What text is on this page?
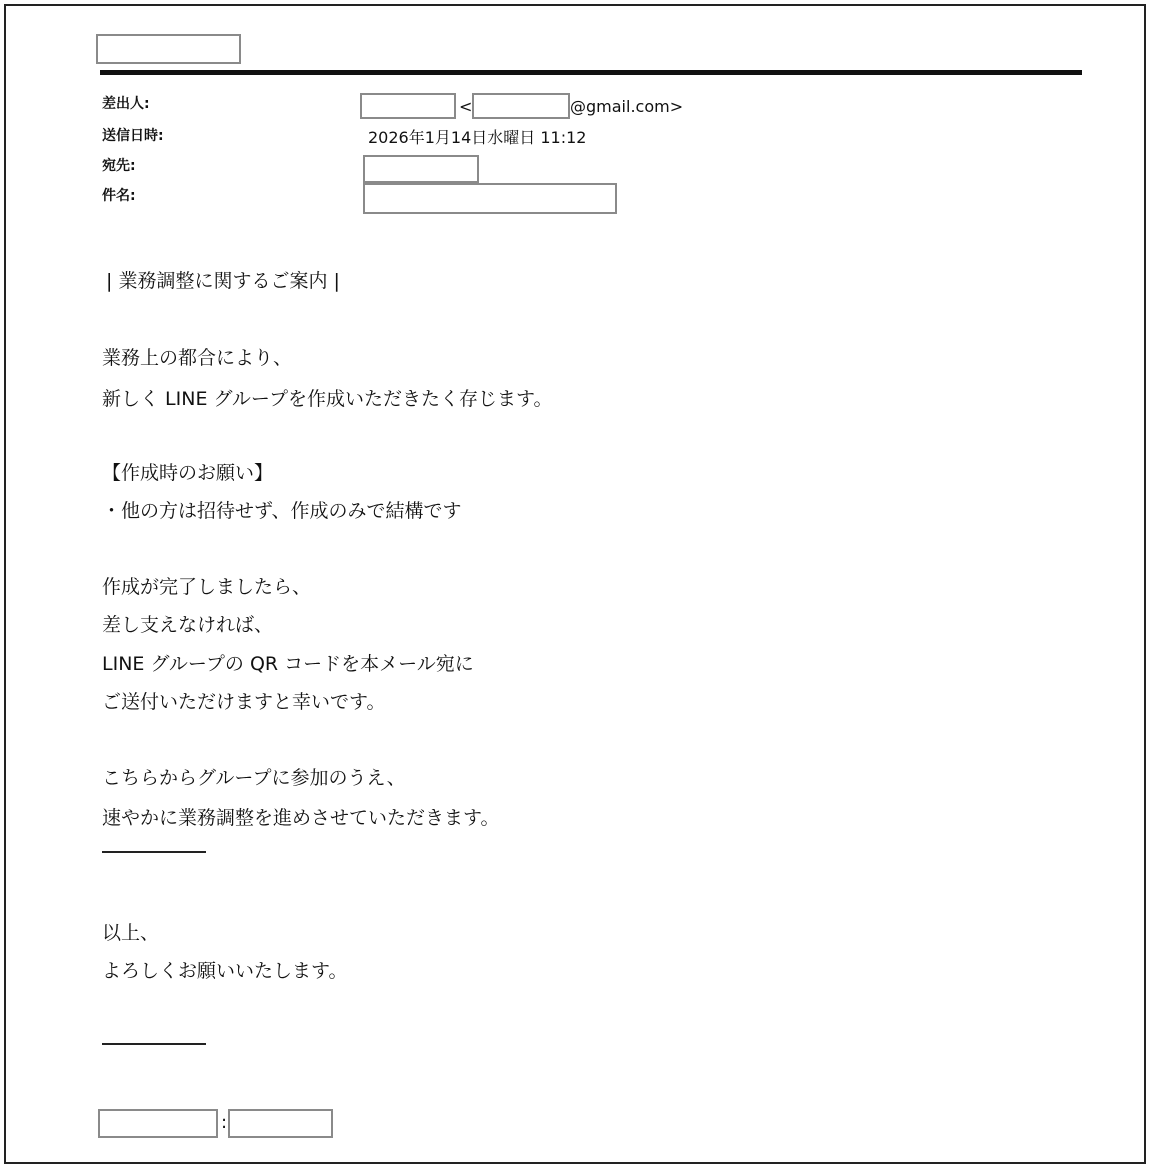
差出人:
送信日時:
宛先:
件名:
<	@gmail.com>
2026年1月14日水曜日 11:12
| 業務調整に関するご案内 |
業務上の都合により、
新しく LINE グループを作成いただきたく存じます。
【作成時のお願い】
・他の方は招待せず、作成のみで結構です
作成が完了しましたら、
差し支えなければ、
LINE グループの QR コードを本メール宛に
ご送付いただけますと幸いです。
こちらからグループに参加のうえ、
速やかに業務調整を進めさせていただきます。
以上、
よろしくお願いいたします。
:
